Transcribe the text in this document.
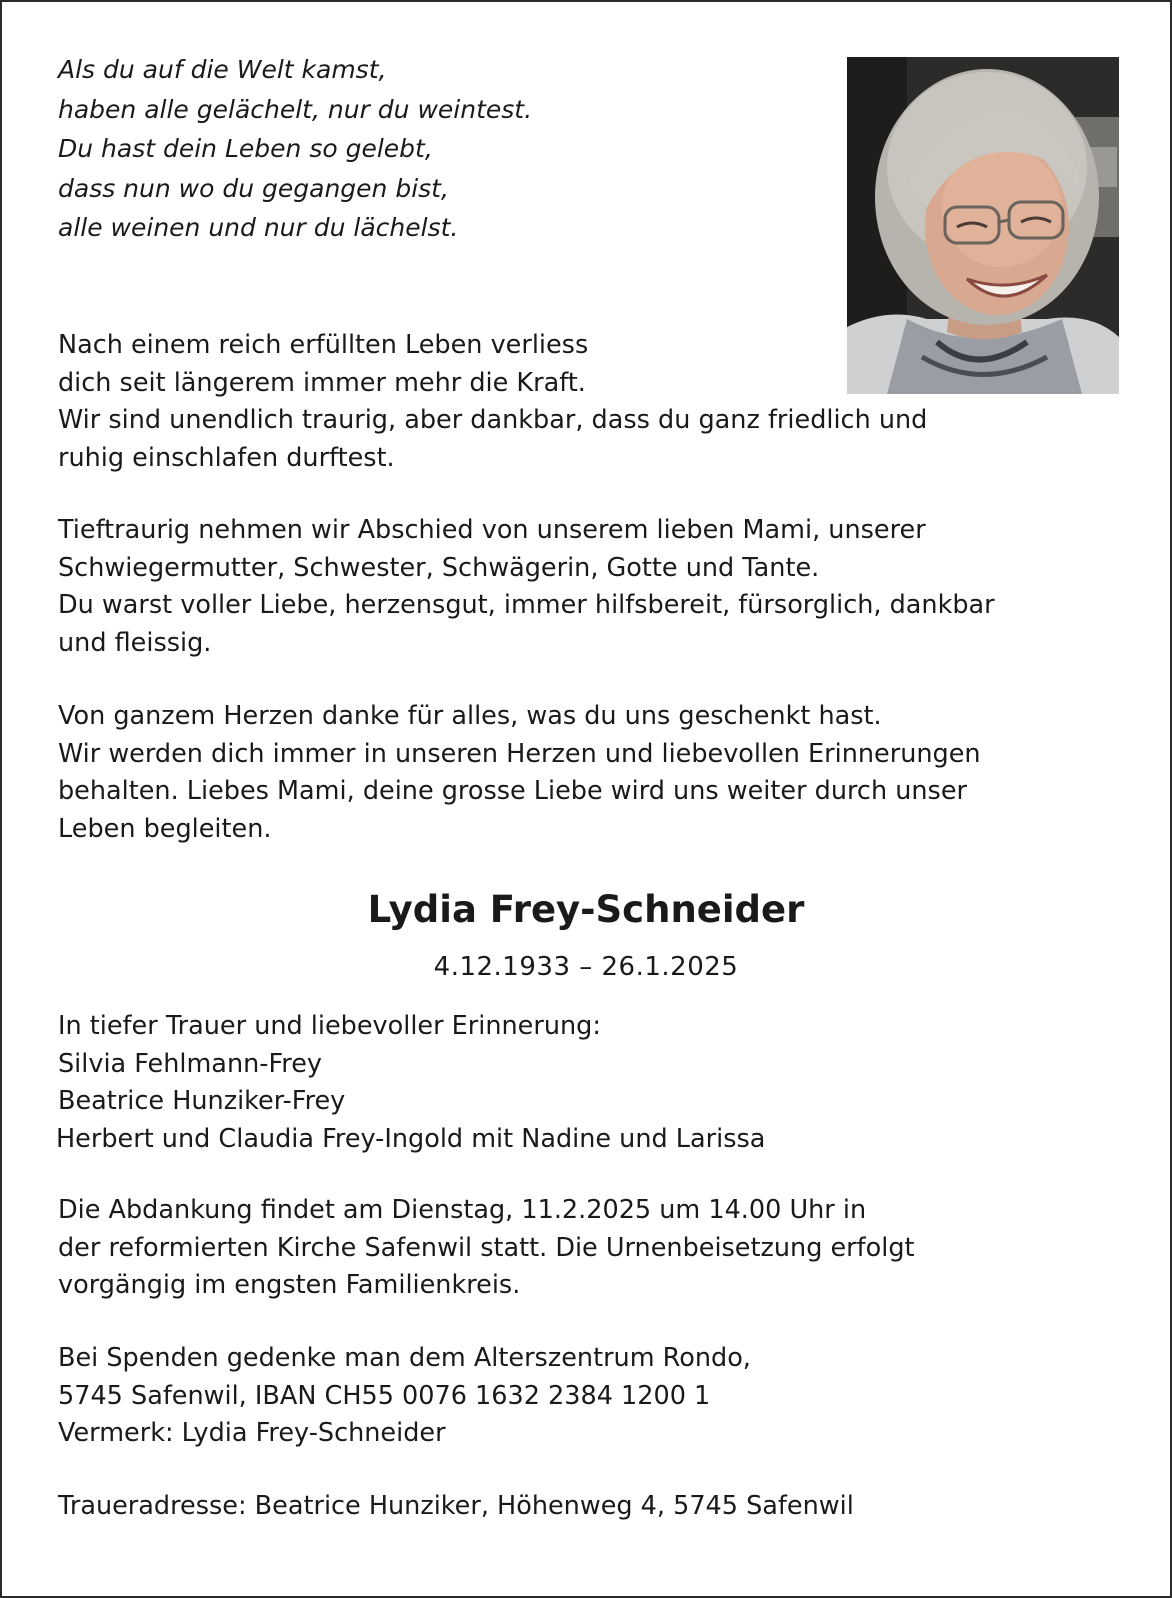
Als du auf die Welt kamst,
haben alle gelächelt, nur du weintest.
Du hast dein Leben so gelebt,
dass nun wo du gegangen bist,
alle weinen und nur du lächelst.
Nach einem reich erfüllten Leben verliess
dich seit längerem immer mehr die Kraft.
Wir sind unendlich traurig, aber dankbar, dass du ganz friedlich und
ruhig einschlafen durftest.
Tieftraurig nehmen wir Abschied von unserem lieben Mami, unserer
Schwiegermutter, Schwester, Schwägerin, Gotte und Tante.
Du warst voller Liebe, herzensgut, immer hilfsbereit, fürsorglich, dankbar
und fleissig.
Von ganzem Herzen danke für alles, was du uns geschenkt hast.
Wir werden dich immer in unseren Herzen und liebevollen Erinnerungen
behalten. Liebes Mami, deine grosse Liebe wird uns weiter durch unser
Leben begleiten.
Lydia Frey-Schneider
4.12.1933 – 26.1.2025
In tiefer Trauer und liebevoller Erinnerung:
Silvia Fehlmann-Frey
Beatrice Hunziker-Frey
Herbert und Claudia Frey-Ingold mit Nadine und Larissa
Die Abdankung findet am Dienstag, 11.2.2025 um 14.00 Uhr in
der reformierten Kirche Safenwil statt. Die Urnenbeisetzung erfolgt
vorgängig im engsten Familienkreis.
Bei Spenden gedenke man dem Alterszentrum Rondo,
5745 Safenwil, IBAN CH55 0076 1632 2384 1200 1
Vermerk: Lydia Frey-Schneider
Traueradresse: Beatrice Hunziker, Höhenweg 4, 5745 Safenwil
